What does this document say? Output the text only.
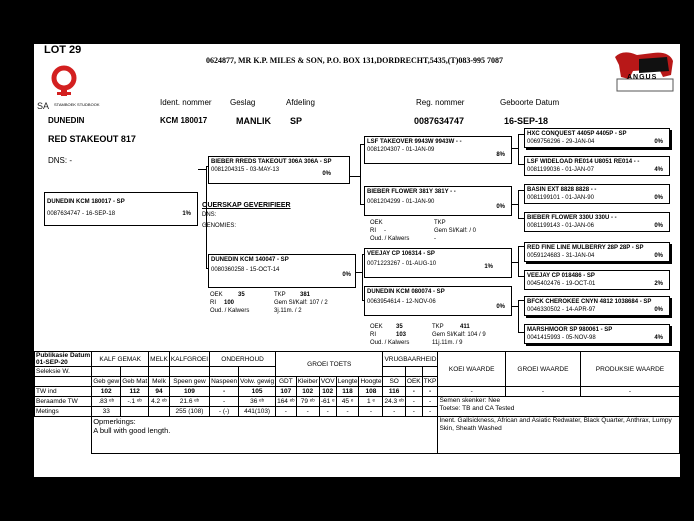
LOT 29
SA STAMBOEK STUDBOOK
0624877, MR K.P. MILES & SON, P.O. BOX 131,DORDRECHT,5435,(T)083-995 7087
ANGUS
Ident. nommer Geslag	Afdeling	Reg. nommer	Geboorte Datum
DUNEDIN	KCM 180017	MANLIK SP	0087634747	16-SEP-18
RED STAKEOUT 817
DNS: -
DUNEDIN KCM 180017 - SP
0087634747 - 16-SEP-18	1%
BIEBER RREDS TAKEOUT 306A 306A - SP
0081204315 - 03-MAY-13
0%
OUERSKAP GEVERIFIEER
DNS:
GENOMIES:
DUNEDIN KCM 140047 - SP
0080360258 - 15-OCT-14
0%
OEK	35	TKP 381
RI 100	Gem Sl/Kalf: 107 / 2
Oud. / Kalwers	3j.11m. / 2
LSF TAKEOVER 9943W 9943W - -
0081204307 - 01-JAN-09
8%
BIEBER FLOWER 381Y 381Y - -
0081204299 - 01-JAN-90
0%
OEK	TKP
RI -	Gem Sl/Kalf: / 0
Oud. / Kalwers	-
VEEJAY CP 106314 - SP
0071223267 - 01-AUG-10	1%
DUNEDIN KCM 080074 - SP
0063954614 - 12-NOV-06
0%
OEK 35	TKP	411
RI	103	Gem Sl/Kalf: 104 / 9
Oud. / Kalwers	11j.11m. / 9
HXC CONQUEST 4405P 4405P - SP
0069756296 - 29-JAN-04	0%
LSF WIDELOAD RE014 U8051 RE014 - -
0081199036 - 01-JAN-07	4%
BASIN EXT 8828 8828 - -
0081199101 - 01-JAN-90	0%
BIEBER FLOWER 330U 330U - -
0081199143 - 01-JAN-06	0%
RED FINE LINE MULBERRY 28P 28P - SP
0059124683 - 31-JAN-04	0%
VEEJAY CP 018486 - SP
0045402476 - 19-OCT-01	2%
BFCK CHEROKEE CNYN 4812 1038684 - SP
0046330502 - 14-APR-97	0%
MARSHMOOR SP 980061 - SP
0041415993 - 05-NOV-98	4%
Publikasie Datum
01-SEP-20	KALF GEMAK		MELK	KALFGROEI	ONDERHOUD		GROEI TOETS					VRUGBAARHEID			KOEI WAARDE	GROEI WAARDE	PRODUKSIE WAARDE
Seleksie W.																	
	Geb gew	Geb Mat	Melk	Speen gew	Naspeen	Volw. gewig	GDT	Kleiber	VOV	Lengte	Hoogte	SO	OEK	TKP			
TW ind	102	112	94	109	-	105	107	102	102	118	108	116	-	-	-	-	-
Beraamde TW	.83 ᵉᵇ	-.1 ᵉᵇ	4.2 ᵉᵇ	21.6 ᵉᵇ	-	36 ᵉᵇ	164 ᵉᵇ	79 ᵉᵇ	-61 ᵉ	45 ᵉ	1 ᵉ	24.3 ᵉᵇ	-	-	Semen skenker: Nee
Toetse: TB and CA Tested		
Metings	33			255 (108)	- (-)	441(103)	-	-	-	-	-	-	-	-			
	Opmerkings:
A bull with good length.														Inent. Gallsickness, African and Asiatic Redwater, Black Quarter, Anthrax, Lumpy Skin, Sheath Washed		
